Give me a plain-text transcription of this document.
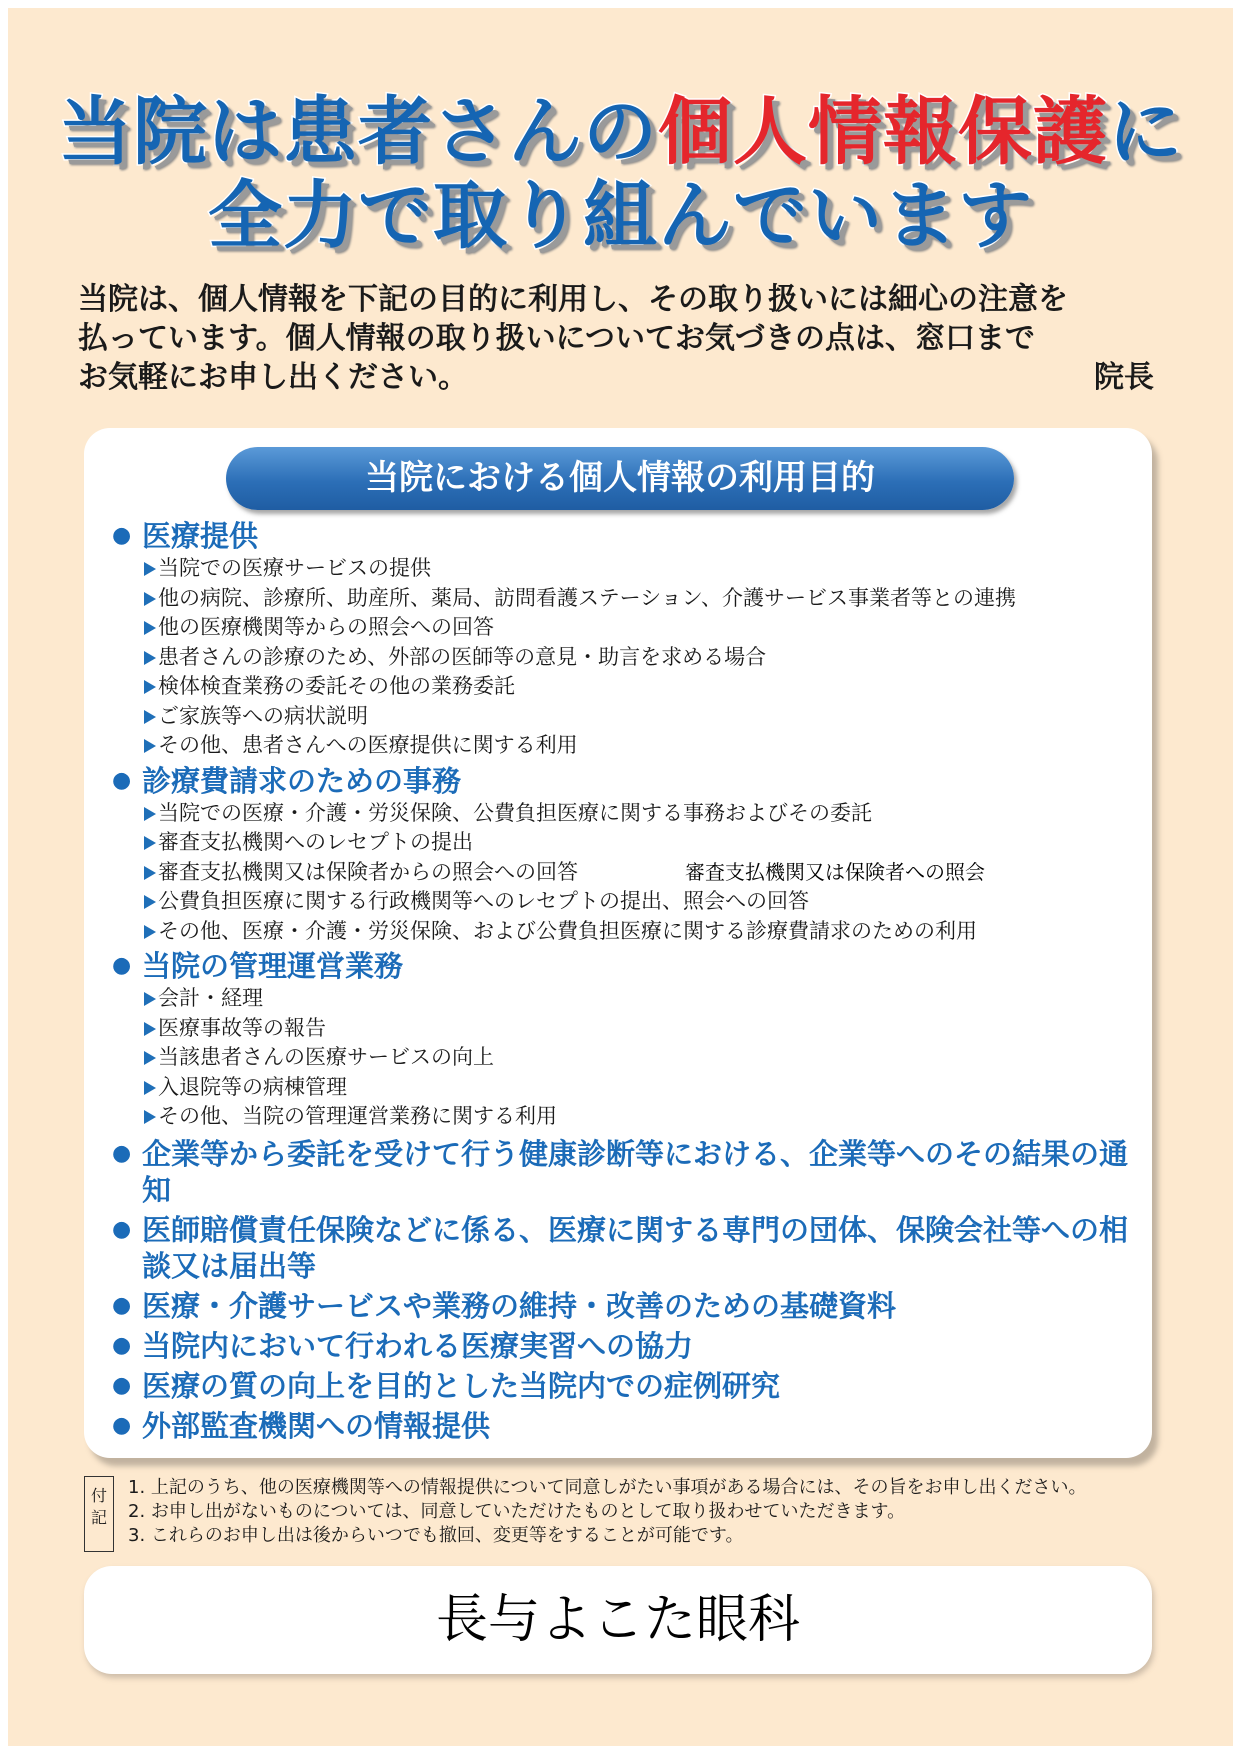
当院は患者さんの個人情報保護に
全力で取り組んでいます
当院は、個人情報を下記の目的に利用し、その取り扱いには細心の注意を
払っています。個人情報の取り扱いについてお気づきの点は、窓口まで
お気軽にお申し出ください。	院長
当院における個人情報の利用目的
● 医療提供
当院での医療サービスの提供
他の病院、診療所、助産所、薬局、訪問看護ステーション、介護サービス事業者等との連携
他の医療機関等からの照会への回答
患者さんの診療のため、外部の医師等の意見・助言を求める場合
検体検査業務の委託その他の業務委託
ご家族等への病状説明
その他、患者さんへの医療提供に関する利用
● 診療費請求のための事務
当院での医療・介護・労災保険、公費負担医療に関する事務およびその委託
審査支払機関へのレセプトの提出
審査支払機関又は保険者からの照会への回答	審査支払機関又は保険者への照会
公費負担医療に関する行政機関等へのレセプトの提出、照会への回答
その他、医療・介護・労災保険、および公費負担医療に関する診療費請求のための利用
● 当院の管理運営業務
会計・経理
医療事故等の報告
当該患者さんの医療サービスの向上
入退院等の病棟管理
その他、当院の管理運営業務に関する利用
● 企業等から委託を受けて行う健康診断等における、企業等へのその結果の通知
● 医師賠償責任保険などに係る、医療に関する専門の団体、保険会社等への相談又は届出等
● 医療・介護サービスや業務の維持・改善のための基礎資料
● 当院内において行われる医療実習への協力
● 医療の質の向上を目的とした当院内での症例研究
● 外部監査機関への情報提供
付
記
1. 上記のうち、他の医療機関等への情報提供について同意しがたい事項がある場合には、その旨をお申し出ください。
2. お申し出がないものについては、同意していただけたものとして取り扱わせていただきます。
3. これらのお申し出は後からいつでも撤回、変更等をすることが可能です。
長与よこた眼科
